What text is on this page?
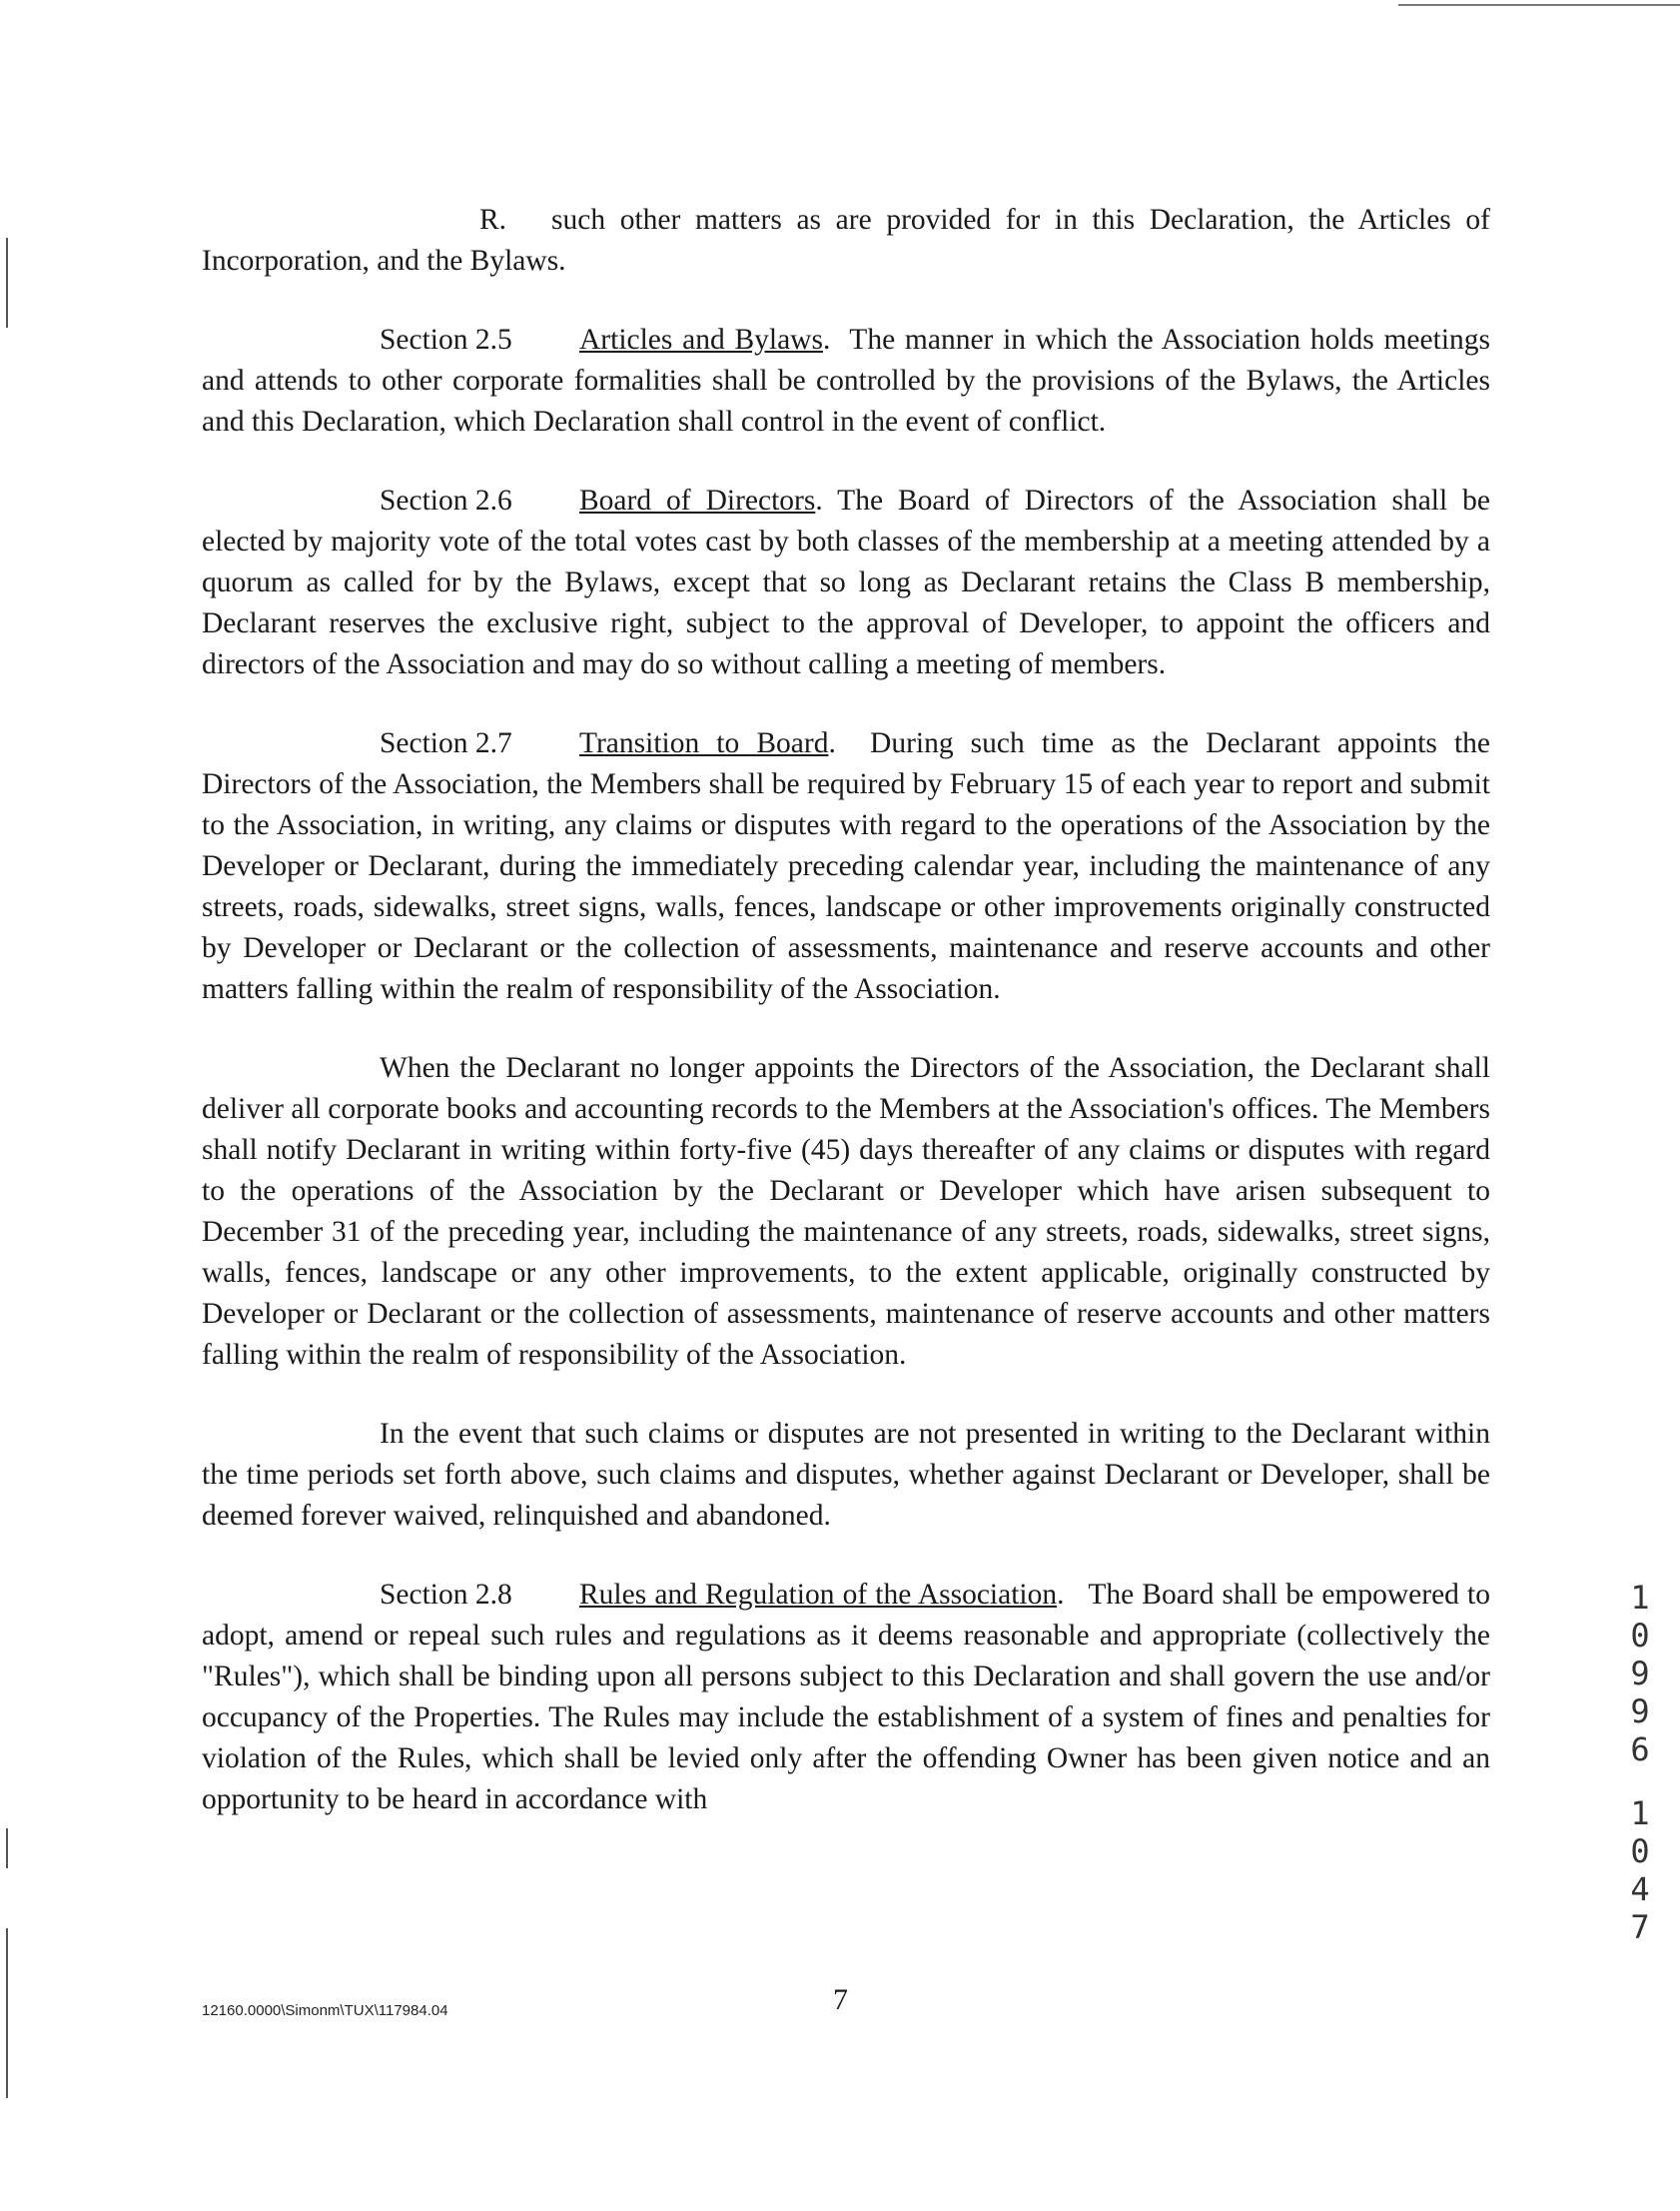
R. such other matters as are provided for in this Declaration, the Articles of Incorporation, and the Bylaws.

Section 2.5 Articles and Bylaws.  The manner in which the Association holds meetings and attends to other corporate formalities shall be controlled by the provisions of the Bylaws, the Articles and this Declaration, which Declaration shall control in the event of conflict.

Section 2.6 Board of Directors. The Board of Directors of the Association shall be elected by majority vote of the total votes cast by both classes of the membership at a meeting attended by a quorum as called for by the Bylaws, except that so long as Declarant retains the Class B membership, Declarant reserves the exclusive right, subject to the approval of Developer, to appoint the officers and directors of the Association and may do so without calling a meeting of members.

Section 2.7 Transition to Board.  During such time as the Declarant appoints the Directors of the Association, the Members shall be required by February 15 of each year to report and submit to the Association, in writing, any claims or disputes with regard to the operations of the Association by the Developer or Declarant, during the immediately preceding calendar year, including the maintenance of any streets, roads, sidewalks, street signs, walls, fences, landscape or other improvements originally constructed by Developer or Declarant or the collection of assessments, maintenance and reserve accounts and other matters falling within the realm of responsibility of the Association.

When the Declarant no longer appoints the Directors of the Association, the Declarant shall deliver all corporate books and accounting records to the Members at the Association's offices. The Members shall notify Declarant in writing within forty-five (45) days thereafter of any claims or disputes with regard to the operations of the Association by the Declarant or Developer which have arisen subsequent to December 31 of the preceding year, including the maintenance of any streets, roads, sidewalks, street signs, walls, fences, landscape or any other improvements, to the extent applicable, originally constructed by Developer or Declarant or the collection of assessments, maintenance of reserve accounts and other matters falling within the realm of responsibility of the Association.

In the event that such claims or disputes are not presented in writing to the Declarant within the time periods set forth above, such claims and disputes, whether against Declarant or Developer, shall be deemed forever waived, relinquished and abandoned.

Section 2.8 Rules and Regulation of the Association.   The Board shall be empowered to adopt, amend or repeal such rules and regulations as it deems reasonable and appropriate (collectively the "Rules"), which shall be binding upon all persons subject to this Declaration and shall govern the use and/or occupancy of the Properties. The Rules may include the establishment of a system of fines and penalties for violation of the Rules, which shall be levied only after the offending Owner has been given notice and an opportunity to be heard in accordance with

1
0
9
9
6
1
0
4
7
12160.0000\Simonm\TUX\117984.04	7
